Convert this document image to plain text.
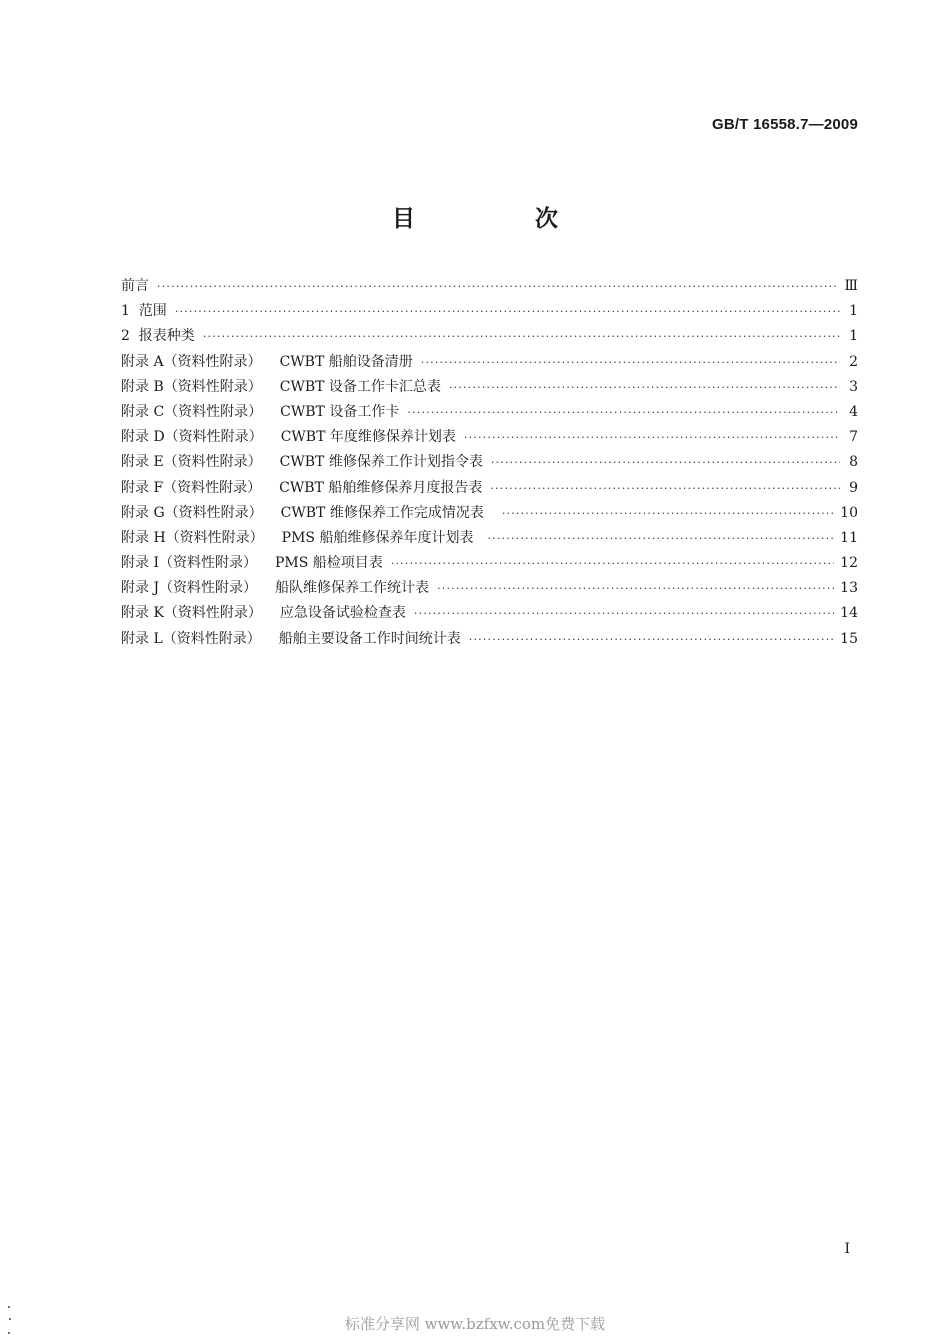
GB/T 16558.7—2009
目 次
前言 ·····	Ⅲ
1  范围 ·····	1
2  报表种类 ·····	1
附录 A（资料性附录） CWBT 船舶设备清册 ·····	2
附录 B（资料性附录） CWBT 设备工作卡汇总表 ·····	3
附录 C（资料性附录） CWBT 设备工作卡 ·····	4
附录 D（资料性附录） CWBT 年度维修保养计划表 ·····	7
附录 E（资料性附录） CWBT 维修保养工作计划指令表 ·····	8
附录 F（资料性附录） CWBT 船舶维修保养月度报告表 ·····	9
附录 G（资料性附录） CWBT 维修保养工作完成情况表 ·····	10
附录 H（资料性附录） PMS 船舶维修保养年度计划表 ·····	11
附录 I（资料性附录） PMS 船检项目表 ·····	12
附录 J（资料性附录） 船队维修保养工作统计表 ·····	13
附录 K（资料性附录） 应急设备试验检查表 ·····	14
附录 L（资料性附录） 船舶主要设备工作时间统计表 ·····	15
I
标准分享网 www.bzfxw.com免费下载
